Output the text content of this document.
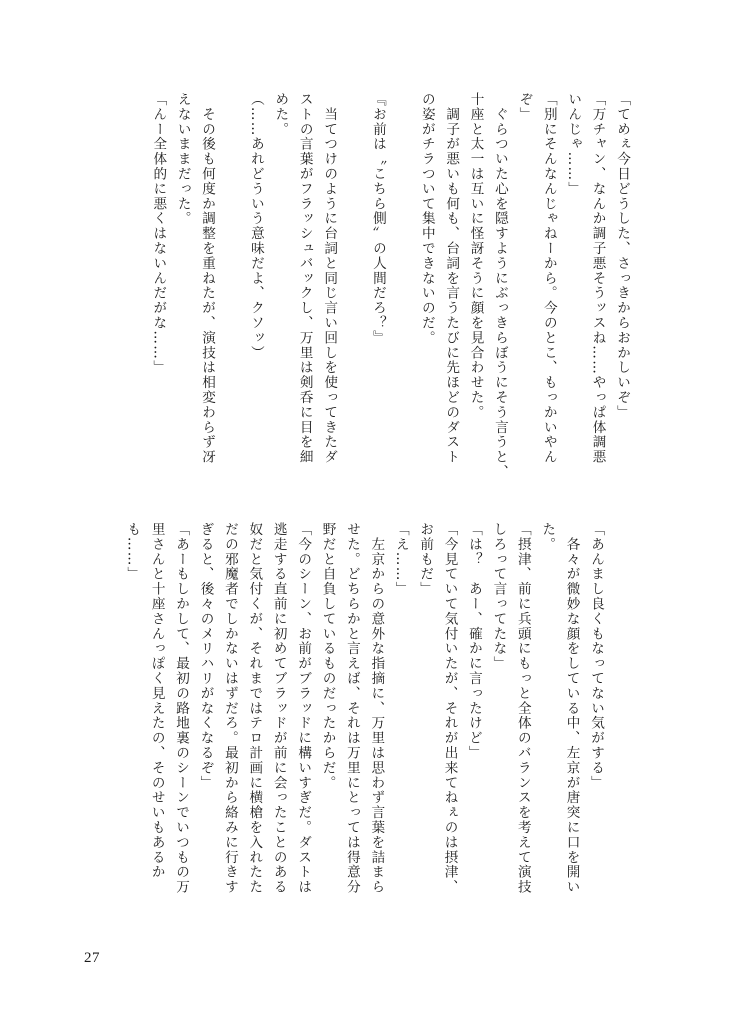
「てめぇ今日どうした、さっきからおかしいぞ」
「万チャン、なんか調子悪そうッスね……やっぱ体調悪
いんじゃ……」
「別にそんなんじゃねーから。今のとこ、もっかいやん
ぞ」
　ぐらついた心を隠すようにぶっきらぼうにそう言うと、
十座と太一は互いに怪訝そうに顔を見合わせた。
　調子が悪いも何も、台詞を言うたびに先ほどのダスト
の姿がチラついて集中できないのだ。

『お前は〝こちら側〟の人間だろ？』

　当てつけのように台詞と同じ言い回しを使ってきたダ
ストの言葉がフラッシュバックし、万里は剣呑に目を細
めた。
（……あれどういう意味だよ、クソッ）

　その後も何度か調整を重ねたが、演技は相変わらず冴
えないままだった。
「んー全体的に悪くはないんだがな……」
「あんまし良くもなってない気がする」
　各々が微妙な顔をしている中、左京が唐突に口を開い
た。
「摂津、前に兵頭にもっと全体のバランスを考えて演技
しろって言ってたな」
「は？　あー、確かに言ったけど」
「今見ていて気付いたが、それが出来てねぇのは摂津、
お前もだ」
「え……」
　左京からの意外な指摘に、万里は思わず言葉を詰まら
せた。どちらかと言えば、それは万里にとっては得意分
野だと自負しているものだったからだ。
「今のシーン、お前がブラッドに構いすぎだ。ダストは
逃走する直前に初めてブラッドが前に会ったことのある
奴だと気付くが、それまではテロ計画に横槍を入れたた
だの邪魔者でしかないはずだろ。最初から絡みに行きす
ぎると、後々のメリハリがなくなるぞ」
「あーもしかして、最初の路地裏のシーンでいつもの万
里さんと十座さんっぽく見えたの、そのせいもあるか
も……」
27
